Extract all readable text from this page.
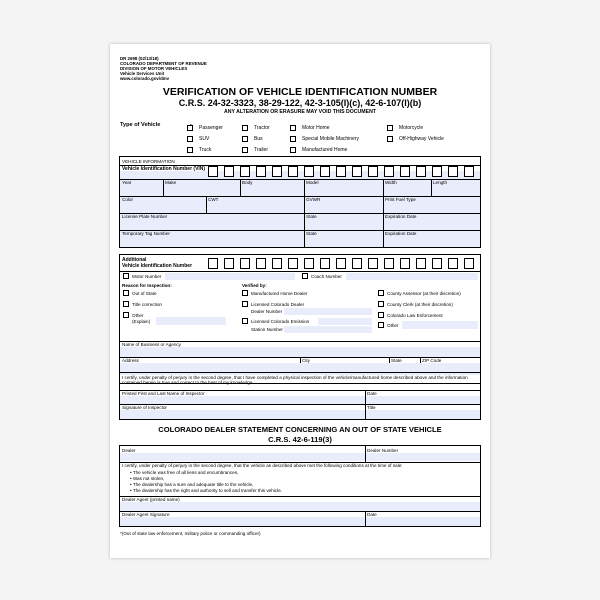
DR 2698 (02/13/18)
COLORADO DEPARTMENT OF REVENUE
DIVISION OF MOTOR VEHICLES
Vehicle Services Unit
www.colorado.gov/dmv
VERIFICATION OF VEHICLE IDENTIFICATION NUMBER
C.R.S. 24-32-3323, 38-29-122, 42-3-105(I)(c), 42-6-107(I)(b)
ANY ALTERATION OR ERASURE MAY VOID THIS DOCUMENT
Type of Vehicle	Passenger
SUV
Truck
Tractor
Bus
Trailer
Motor Home
Special Mobile Machinery
Manufactured Home
Motorcycle
Off-Highway Vehicle
VEHICLE INFORMATION
Vehicle Identification Number (VIN)
Year	Make	Body	Model	Width	Length
Color	CWT	GVWR	Print Fuel Type
License Plate Number	State	Expiration Date
Temporary Tag Number	State	Expiration Date
Additional
Vehicle Identification Number
Motor Number	Coach Number
Reason for Inspection:
Out of State
Title correction
Other
(Explain)
Verified by:
Manufactured Home Dealer
Licensed Colorado Dealer
Dealer Number
Licensed Colorado Emission
Station Number
County Assessor (at their discretion)
County Clerk (at their discretion)
Colorado Law Enforcement
Other
Name of Business or Agency
Address	City	State	ZIP Code
I certify, under penalty of perjury in the second degree, that I have completed a physical inspection of the vehicle/manufactured home described above and the information contained herein is true and correct to the best of my knowledge.
Printed First and Last Name of Inspector	Date
Signature of Inspector	Title
COLORADO DEALER STATEMENT CONCERNING AN OUT OF STATE VEHICLE
C.R.S. 42-6-119(3)
Dealer	Dealer Number
I certify, under penalty of perjury in the second degree, that the vehicle as described above met the following conditions at the time of sale:
• The vehicle was free of all liens and encumbrances,
• Was not stolen,
• The dealership has a sure and adequate title to the vehicle,
• The dealership has the right and authority to sell and transfer this vehicle.
Dealer Agent (printed name)
Dealer Agent Signature	Date
*(Out of state law enforcement, military police or commanding officer)
